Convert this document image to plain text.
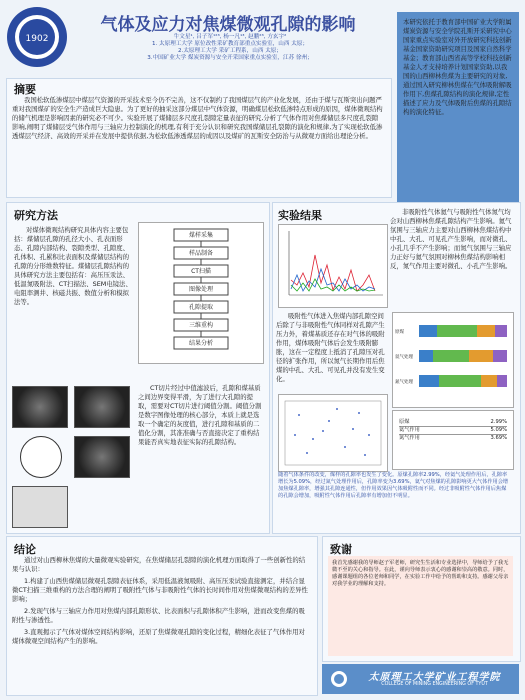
1902
气体及应力对焦煤微观孔隙的影响
牛文星¹, 吕子军¹²³, 杨一凡¹³, 赵鹏²³, 方玄宇²
1. 太原理工大学 原位改性采矿教育部重点实验室，山西 太原；
2.太原理工大学 采矿工程系，山西 太原；
3.中国矿业大学 煤炭资源与安全开采国家重点实验室，江苏 徐州；
本研究依托于教育部中国矿业大学附属煤炭资源与安全学院孔斯开采研究中心国家重点实验室对外开放研究科技创新基金国家资助研究项目及国家自然科学基金；教育部山西省高等学校科技创新基金人才支持培养计划国家资助,以我国的山西柳林焦煤为主要研究的对象,通过国入研究柳林焦煤在气体吸附解吸作用下,焦煤孔隙结构的演化规律,定性描述了应力及气体吸附后焦煤的孔隙结构的演化特征。
摘要
我国松软低渗煤层中煤层气资源的开采技术至今仍不完善，这不仅制约了我国煤层气的产业化发展，还由于煤与瓦斯突出问题严重对我国煤矿的安全生产造成巨大隐患。为了更好的抽采这部分煤层中气体资源，明确煤层松软低渗特点形成的原因，煤体微观结构的储气机理是影响因素的研究必不可少。实验开展了煤储层多尺度孔裂隙定量表征的研究,分析了气体作用对焦煤储层多尺度孔裂隙影响,阐明了煤储层受气体作用与三轴应力控制演化的机理,有利于充分认识和研究我国煤储层孔裂隙的演化和规律,为了实现松软低渗透煤层气经济、高效的开采并在发展中提供依据,为松软低渗透煤层的成因以及煤矿的瓦斯安全防治与从微观方面给出理论分析。
研究方法
对煤体微观结构研究具体内容主要包括：煤储层孔隙的孔径大小、孔表面形态、孔隙内部结构、裂隙类型、孔隙度、孔体积、孔累积比表面积及煤储层结构的孔隙的分形维数特征。煤储层孔隙结构的具体研究方法主要包括有：高压压汞法、低温氮吸附法、CT扫描法、SEM电镜法、电阻率测井、核磁共振、数值分析和模拟法等。
煤样采集
样品制备
CT扫描
图像处理
孔隙提取
三维重构
结果分析
CT切片经过中值滤波后，孔隙和煤基质之间边界变得平滑，为了进行大孔隙的提取，需要对CT切片进行阈值分割。阈值分割是数字图像处理的核心部分，本质上就是选取一个确定的灰度值，进行孔隙和基质的二值化分割，其准准确与否直接决定了重构结果能否真实地表征实际的孔隙结构。
实验结果	非吸附性气体氦气与吸附性气体氮气均会对山西柳林焦煤孔隙结构产生影响。氦气氛围与三轴应力主要对山西柳林焦煤结构中中孔、大孔、可见孔产生影响，而对微孔、小孔几乎不产生影响；而氮气氛围与三轴应力正好与氦气氛围对柳林焦煤结构影响相反，氮气作用主要对微孔、小孔产生影响。
吸附性气体进入焦煤内部孔隙空间后除了与非吸附性气体同样对孔隙产生压力外，着煤基质还存在对气体的吸附作用，煤体吸附气体后会发生吸附膨胀，这在一定程度上抵消了孔隙压对孔径的扩张作用，所以氮气长期作用后焦煤的中孔、大孔、可见孔并没有发生变化。
原煤
氦气处理
氮气处理
原煤	2.99%
氦气作用	5.09%
氮气作用	3.69%
随着气体条件的改变，煤样的孔隙率也发生了变化。原煤孔隙率2.99%，经氦气处理作用后，孔隙率增长为5.09%，经过氮气处理作用后，孔隙率变为3.69%，氦气对焦煤的孔隙影响更大气体作用会增加焦煤孔隙率，增强其孔隙连通性，但作用效果因气体吸附性而不同。经过非吸附性气体作用后焦煤的孔隙会增加，吸附性气体作用后孔隙率有增加但不明显。
结论

通过对山西柳林焦煤的大量微观实验研究，在焦煤储层孔裂隙的演化机理方面取得了一些创新性的结果与认识：

1.构建了山西焦煤储层微观孔裂隙表征体系，采用低温液氮吸附、高压压汞试验直接测定，并结合显微CT扫描三维重构的方法合理的阐明了吸附性气体与非吸附性气体的长时间作用对焦煤微观结构的差异性影响；

2.发现气体与三轴应力作用对焦煤内部孔隙形状、比表面积与孔隙体积产生影响，进而改变焦煤的吸附性与渗透性。

3.直观揭示了气体对煤体空间结构影响，还原了焦煤微观孔隙的变化过程，精细化表征了气体作用对煤体微观空间结构产生的影响。

致谢
我首先感谢我的导师赵子军老师，研究生生活和专业选择中，导师给予了我无微不至的关心和指导。在此，谨向导师表示衷心的感谢和崇高的敬意。同时，感谢课题组的各位老师和同学，在实验工作中给予的帮助和支持。感谢父母亲对我学业的理解和支持。
太原理工大学矿业工程学院
COLLEGE OF MINING ENGINEERING OF TYUT
